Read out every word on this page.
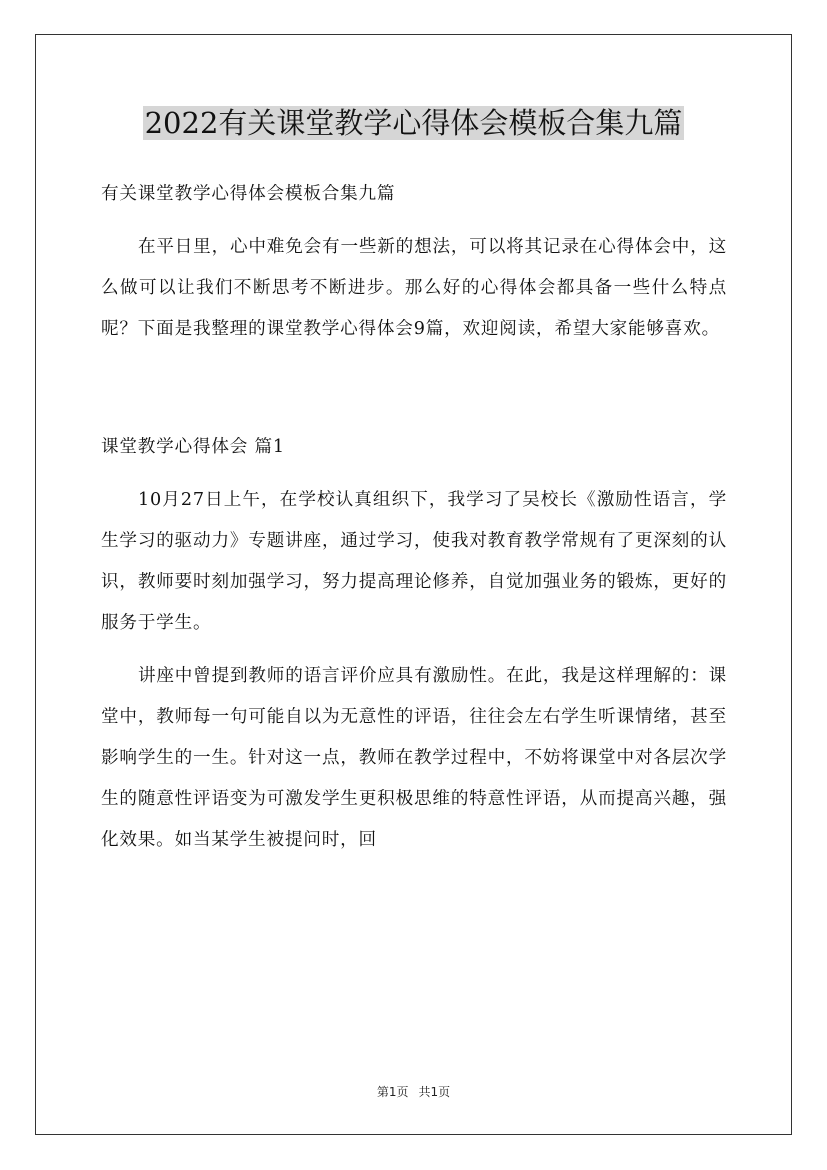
2022有关课堂教学心得体会模板合集九篇

有关课堂教学心得体会模板合集九篇

在平日里，心中难免会有一些新的想法，可以将其记录在心得体会中，这么做可以让我们不断思考不断进步。那么好的心得体会都具备一些什么特点呢？下面是我整理的课堂教学心得体会9篇，欢迎阅读，希望大家能够喜欢。

课堂教学心得体会 篇1

10月27日上午，在学校认真组织下，我学习了吴校长《激励性语言，学生学习的驱动力》专题讲座，通过学习，使我对教育教学常规有了更深刻的认识，教师要时刻加强学习，努力提高理论修养，自觉加强业务的锻炼，更好的服务于学生。

讲座中曾提到教师的语言评价应具有激励性。在此，我是这样理解的：课堂中，教师每一句可能自以为无意性的评语，往往会左右学生听课情绪，甚至影响学生的一生。针对这一点，教师在教学过程中，不妨将课堂中对各层次学生的随意性评语变为可激发学生更积极思维的特意性评语，从而提高兴趣，强化效果。如当某学生被提问时，回

第1页 共1页
